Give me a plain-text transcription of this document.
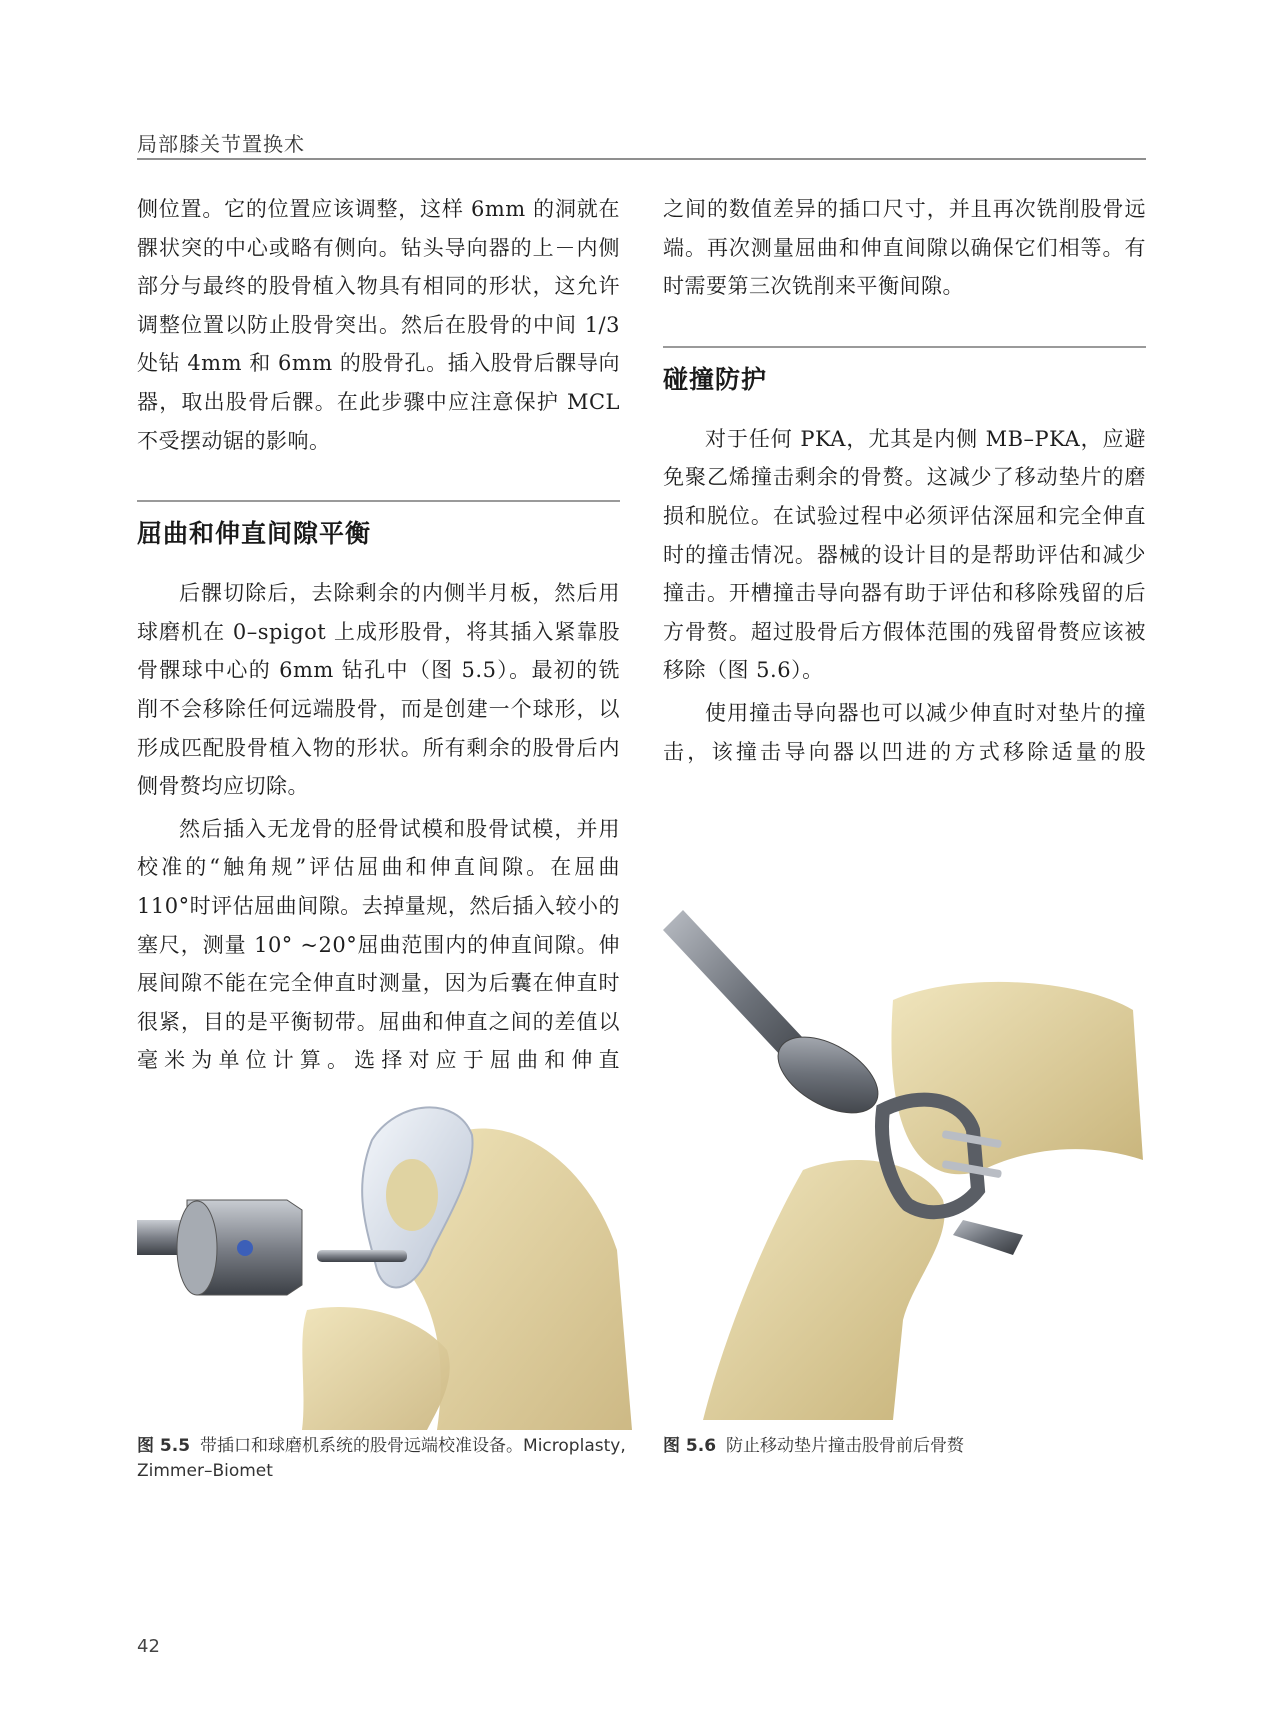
局部膝关节置换术

侧位置。它的位置应该调整，这样 6mm 的洞就在髁状突的中心或略有侧向。钻头导向器的上－内侧部分与最终的股骨植入物具有相同的形状，这允许调整位置以防止股骨突出。然后在股骨的中间 1/3 处钻 4mm 和 6mm 的股骨孔。插入股骨后髁导向器，取出股骨后髁。在此步骤中应注意保护 MCL 不受摆动锯的影响。

屈曲和伸直间隙平衡

后髁切除后，去除剩余的内侧半月板，然后用球磨机在 0–spigot 上成形股骨，将其插入紧靠股骨髁球中心的 6mm 钻孔中（图 5.5）。最初的铣削不会移除任何远端股骨，而是创建一个球形，以形成匹配股骨植入物的形状。所有剩余的股骨后内侧骨赘均应切除。

然后插入无龙骨的胫骨试模和股骨试模，并用校准的“触角规”评估屈曲和伸直间隙。在屈曲 110°时评估屈曲间隙。去掉量规，然后插入较小的塞尺，测量 10° ~20°屈曲范围内的伸直间隙。伸展间隙不能在完全伸直时测量，因为后囊在伸直时很紧，目的是平衡韧带。屈曲和伸直之间的差值以毫米为单位计算。选择对应于屈曲和伸直

之间的数值差异的插口尺寸，并且再次铣削股骨远端。再次测量屈曲和伸直间隙以确保它们相等。有时需要第三次铣削来平衡间隙。

碰撞防护

对于任何 PKA，尤其是内侧 MB–PKA，应避免聚乙烯撞击剩余的骨赘。这减少了移动垫片的磨损和脱位。在试验过程中必须评估深屈和完全伸直时的撞击情况。器械的设计目的是帮助评估和减少撞击。开槽撞击导向器有助于评估和移除残留的后方骨赘。超过股骨后方假体范围的残留骨赘应该被移除（图 5.6）。

使用撞击导向器也可以减少伸直时对垫片的撞击，该撞击导向器以凹进的方式移除适量的股

图 5.5 带插口和球磨机系统的股骨远端校准设备。Microplasty, Zimmer–Biomet
图 5.6 防止移动垫片撞击股骨前后骨赘
42
